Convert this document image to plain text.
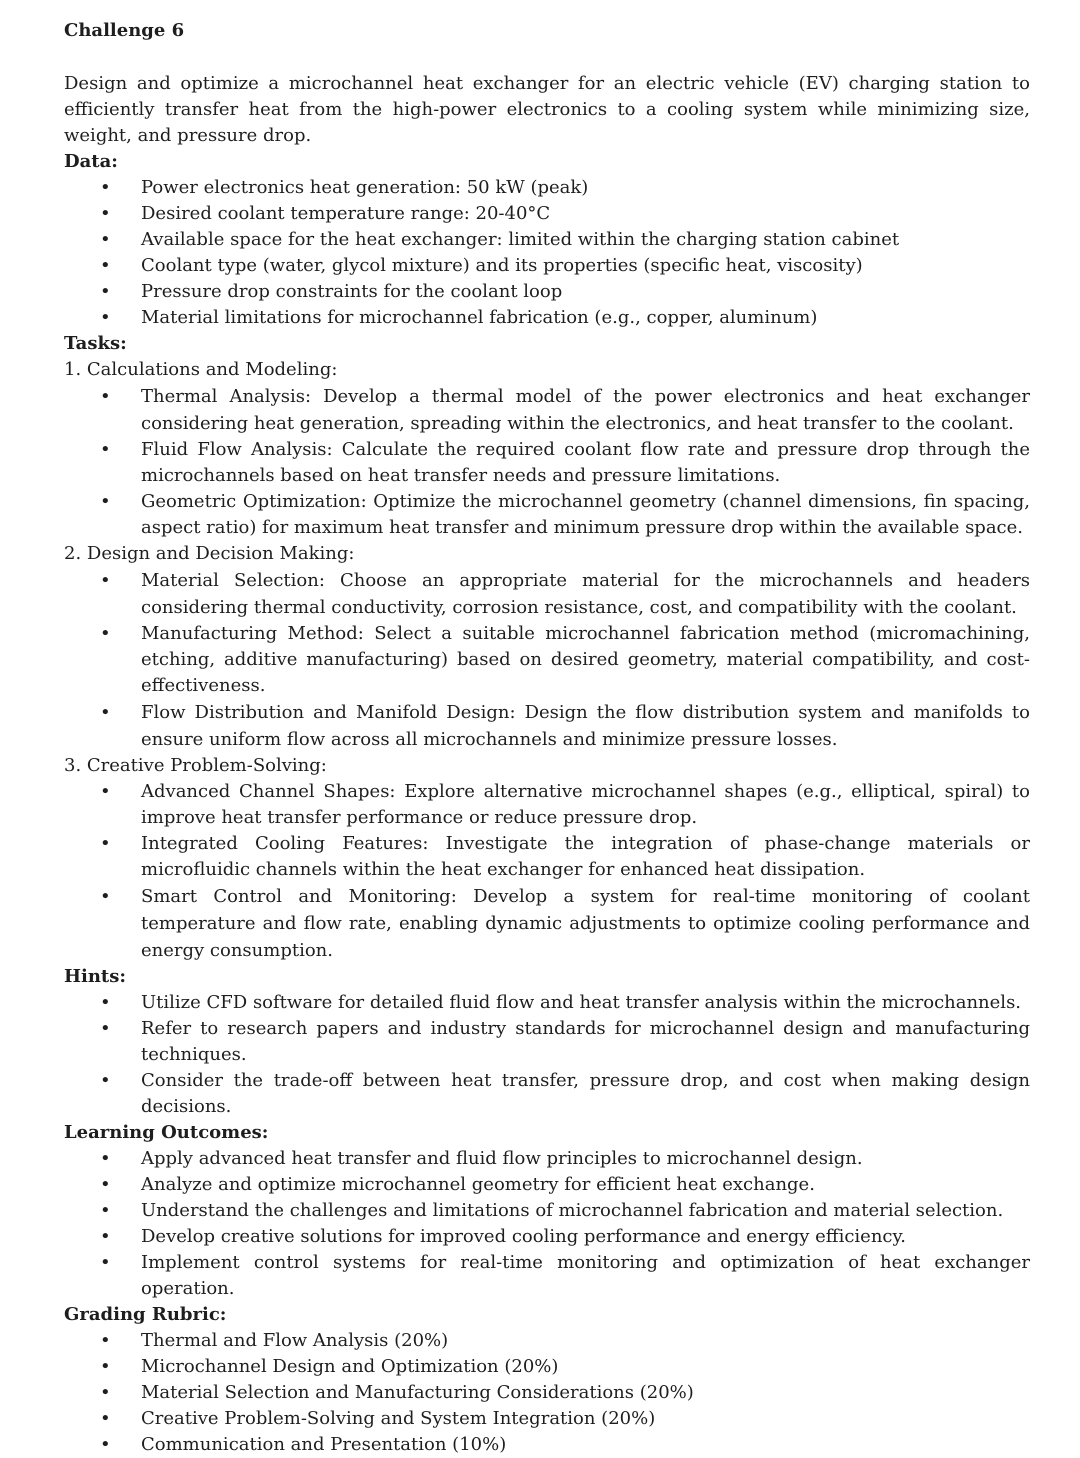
Challenge 6

Design and optimize a microchannel heat exchanger for an electric vehicle (EV) charging station to efficiently transfer heat from the high-power electronics to a cooling system while minimizing size, weight, and pressure drop.

Data:

• Power electronics heat generation: 50 kW (peak)
• Desired coolant temperature range: 20-40°C
• Available space for the heat exchanger: limited within the charging station cabinet
• Coolant type (water, glycol mixture) and its properties (specific heat, viscosity)
• Pressure drop constraints for the coolant loop
• Material limitations for microchannel fabrication (e.g., copper, aluminum)

Tasks:

1. Calculations and Modeling:

• Thermal Analysis: Develop a thermal model of the power electronics and heat exchanger considering heat generation, spreading within the electronics, and heat transfer to the coolant.
• Fluid Flow Analysis: Calculate the required coolant flow rate and pressure drop through the microchannels based on heat transfer needs and pressure limitations.
• Geometric Optimization: Optimize the microchannel geometry (channel dimensions, fin spacing, aspect ratio) for maximum heat transfer and minimum pressure drop within the available space.

2. Design and Decision Making:

• Material Selection: Choose an appropriate material for the microchannels and headers considering thermal conductivity, corrosion resistance, cost, and compatibility with the coolant.
• Manufacturing Method: Select a suitable microchannel fabrication method (micromachining, etching, additive manufacturing) based on desired geometry, material compatibility, and cost-effectiveness.
• Flow Distribution and Manifold Design: Design the flow distribution system and manifolds to ensure uniform flow across all microchannels and minimize pressure losses.

3. Creative Problem-Solving:

• Advanced Channel Shapes: Explore alternative microchannel shapes (e.g., elliptical, spiral) to improve heat transfer performance or reduce pressure drop.
• Integrated Cooling Features: Investigate the integration of phase-change materials or microfluidic channels within the heat exchanger for enhanced heat dissipation.
• Smart Control and Monitoring: Develop a system for real-time monitoring of coolant temperature and flow rate, enabling dynamic adjustments to optimize cooling performance and energy consumption.

Hints:

• Utilize CFD software for detailed fluid flow and heat transfer analysis within the microchannels.
• Refer to research papers and industry standards for microchannel design and manufacturing techniques.
• Consider the trade-off between heat transfer, pressure drop, and cost when making design decisions.

Learning Outcomes:

• Apply advanced heat transfer and fluid flow principles to microchannel design.
• Analyze and optimize microchannel geometry for efficient heat exchange.
• Understand the challenges and limitations of microchannel fabrication and material selection.
• Develop creative solutions for improved cooling performance and energy efficiency.
• Implement control systems for real-time monitoring and optimization of heat exchanger operation.

Grading Rubric:

• Thermal and Flow Analysis (20%)
• Microchannel Design and Optimization (20%)
• Material Selection and Manufacturing Considerations (20%)
• Creative Problem-Solving and System Integration (20%)
• Communication and Presentation (10%)
